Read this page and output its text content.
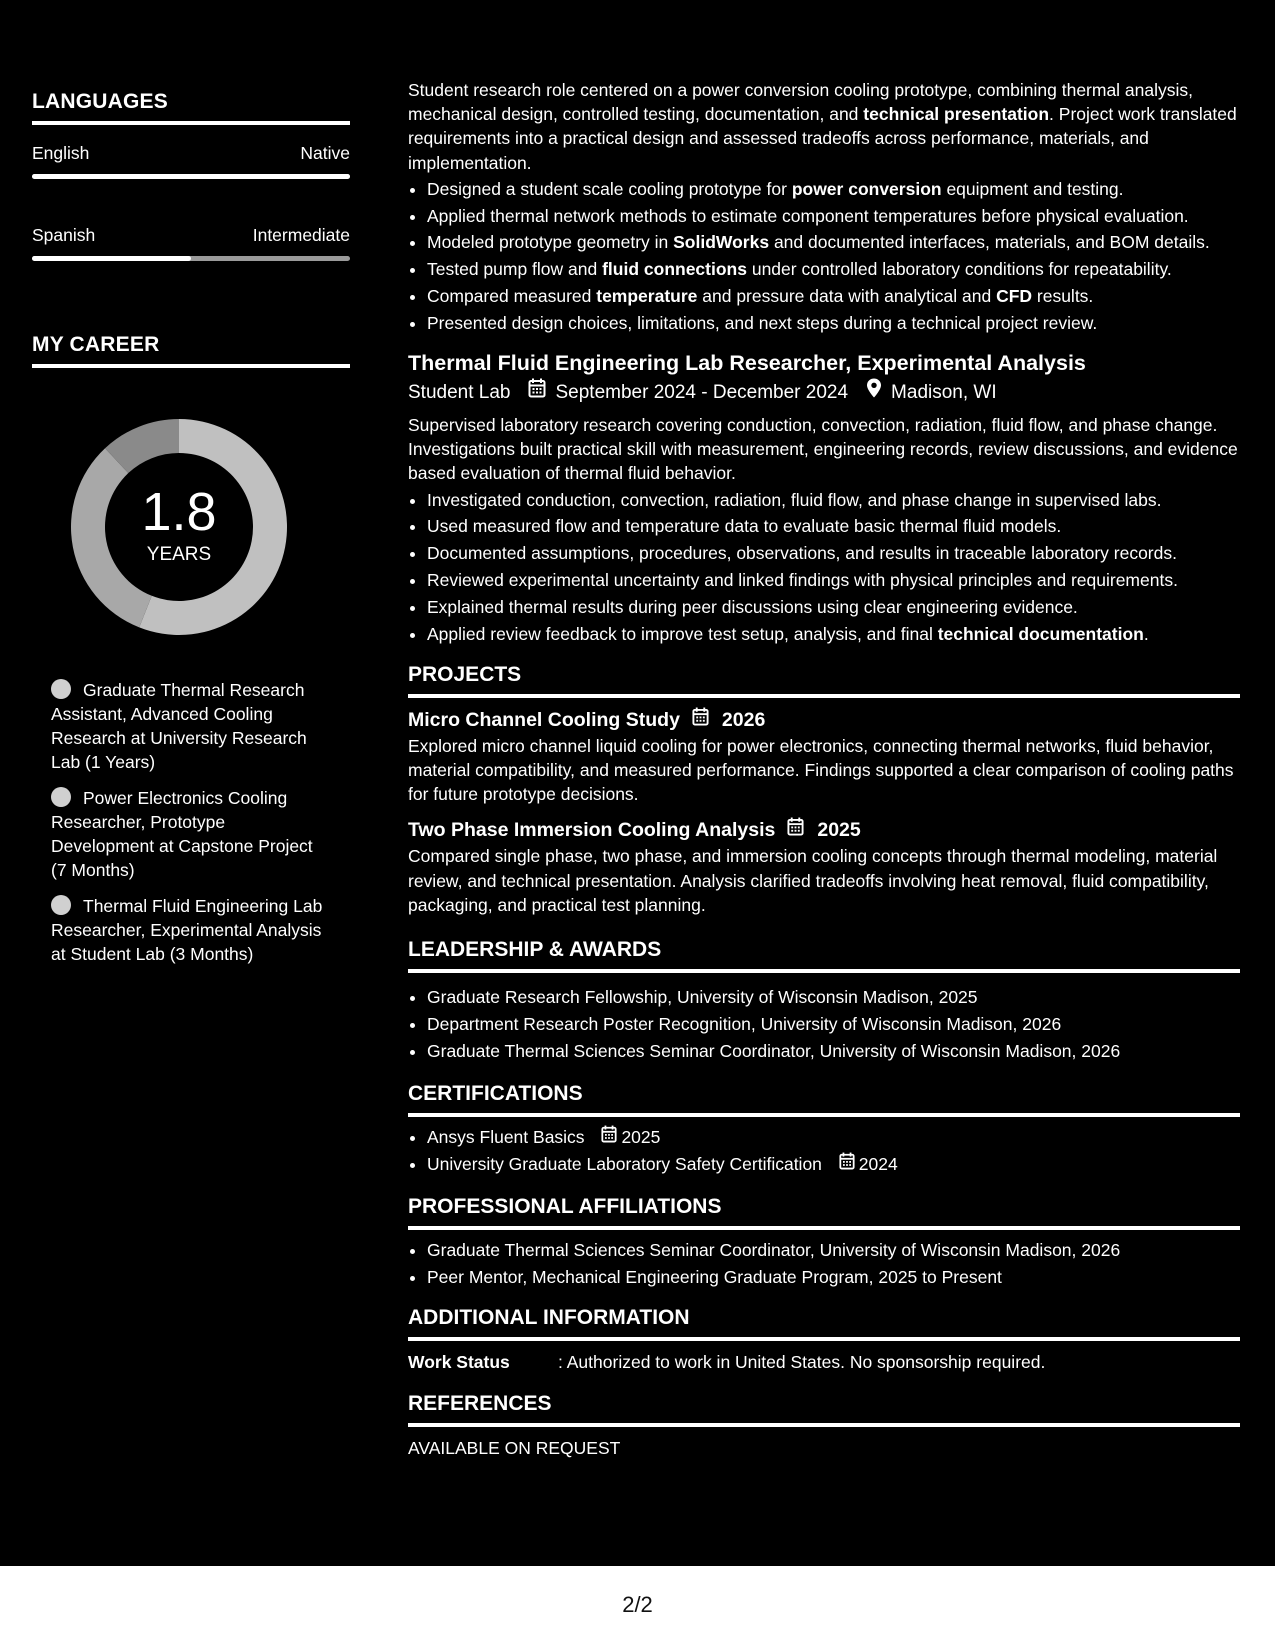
LANGUAGES
English	Native
Spanish	Intermediate
MY CAREER
1.8
YEARS
Graduate Thermal Research Assistant, Advanced Cooling Research at University Research Lab (1 Years)
Power Electronics Cooling Researcher, Prototype Development at Capstone Project (7 Months)
Thermal Fluid Engineering Lab Researcher, Experimental Analysis at Student Lab (3 Months)

Student research role centered on a power conversion cooling prototype, combining thermal analysis, mechanical design, controlled testing, documentation, and technical presentation. Project work translated requirements into a practical design and assessed tradeoffs across performance, materials, and implementation.

• Designed a student scale cooling prototype for power conversion equipment and testing.
• Applied thermal network methods to estimate component temperatures before physical evaluation.
• Modeled prototype geometry in SolidWorks and documented interfaces, materials, and BOM details.
• Tested pump flow and fluid connections under controlled laboratory conditions for repeatability.
• Compared measured temperature and pressure data with analytical and CFD results.
• Presented design choices, limitations, and next steps during a technical project review.
Thermal Fluid Engineering Lab Researcher, Experimental Analysis
Student Lab September 2024 - December 2024 Madison, WI

Supervised laboratory research covering conduction, convection, radiation, fluid flow, and phase change. Investigations built practical skill with measurement, engineering records, review discussions, and evidence based evaluation of thermal fluid behavior.

• Investigated conduction, convection, radiation, fluid flow, and phase change in supervised labs.
• Used measured flow and temperature data to evaluate basic thermal fluid models.
• Documented assumptions, procedures, observations, and results in traceable laboratory records.
• Reviewed experimental uncertainty and linked findings with physical principles and requirements.
• Explained thermal results during peer discussions using clear engineering evidence.
• Applied review feedback to improve test setup, analysis, and final technical documentation.
PROJECTS
Micro Channel Cooling Study 2026

Explored micro channel liquid cooling for power electronics, connecting thermal networks, fluid behavior, material compatibility, and measured performance. Findings supported a clear comparison of cooling paths for future prototype decisions.

Two Phase Immersion Cooling Analysis 2025

Compared single phase, two phase, and immersion cooling concepts through thermal modeling, material review, and technical presentation. Analysis clarified tradeoffs involving heat removal, fluid compatibility, packaging, and practical test planning.

LEADERSHIP & AWARDS
• Graduate Research Fellowship, University of Wisconsin Madison, 2025
• Department Research Poster Recognition, University of Wisconsin Madison, 2026
• Graduate Thermal Sciences Seminar Coordinator, University of Wisconsin Madison, 2026
CERTIFICATIONS
• Ansys Fluent Basics 2025
• University Graduate Laboratory Safety Certification 2024
PROFESSIONAL AFFILIATIONS
• Graduate Thermal Sciences Seminar Coordinator, University of Wisconsin Madison, 2026
• Peer Mentor, Mechanical Engineering Graduate Program, 2025 to Present
ADDITIONAL INFORMATION
Work Status	: Authorized to work in United States. No sponsorship required.
REFERENCES
AVAILABLE ON REQUEST
2/2
